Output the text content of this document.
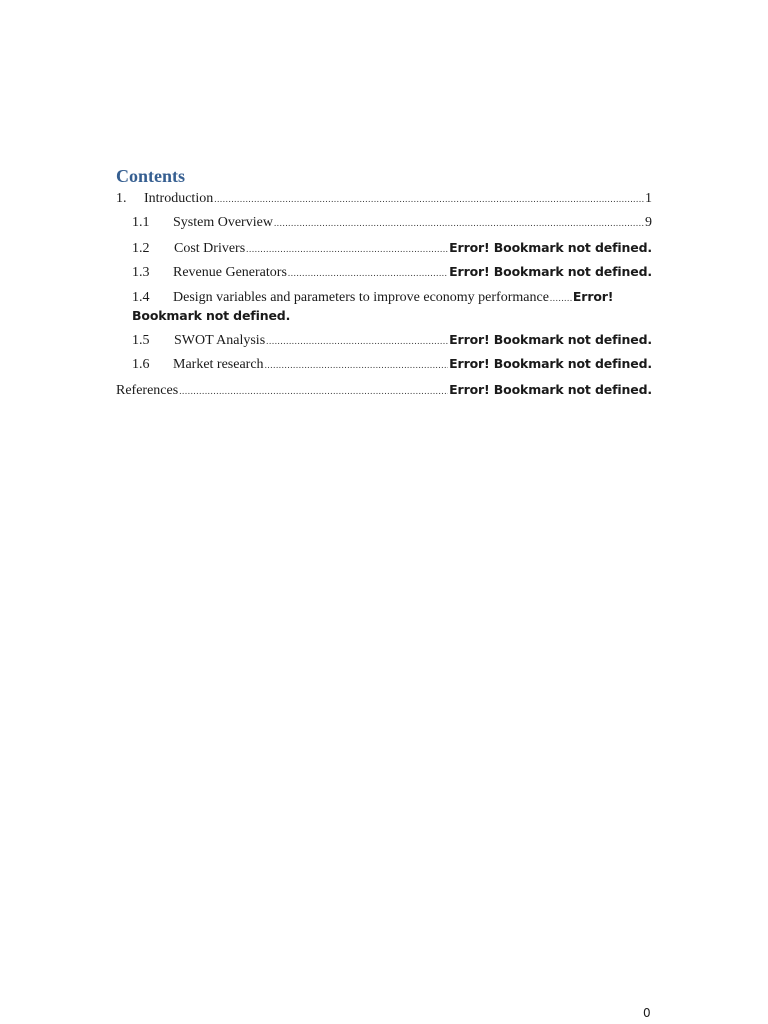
Contents
1.	Introduction .....	1
1.1	System Overview .....	9
1.2	Cost Drivers .....	Error! Bookmark not defined.
1.3	Revenue Generators .....	Error! Bookmark not defined.
1.4	Design variables and parameters to improve economy performance ..... Error!
Bookmark not defined.
1.5	SWOT Analysis .....	Error! Bookmark not defined.
1.6	Market research .....	Error! Bookmark not defined.
References .....	Error! Bookmark not defined.
0
